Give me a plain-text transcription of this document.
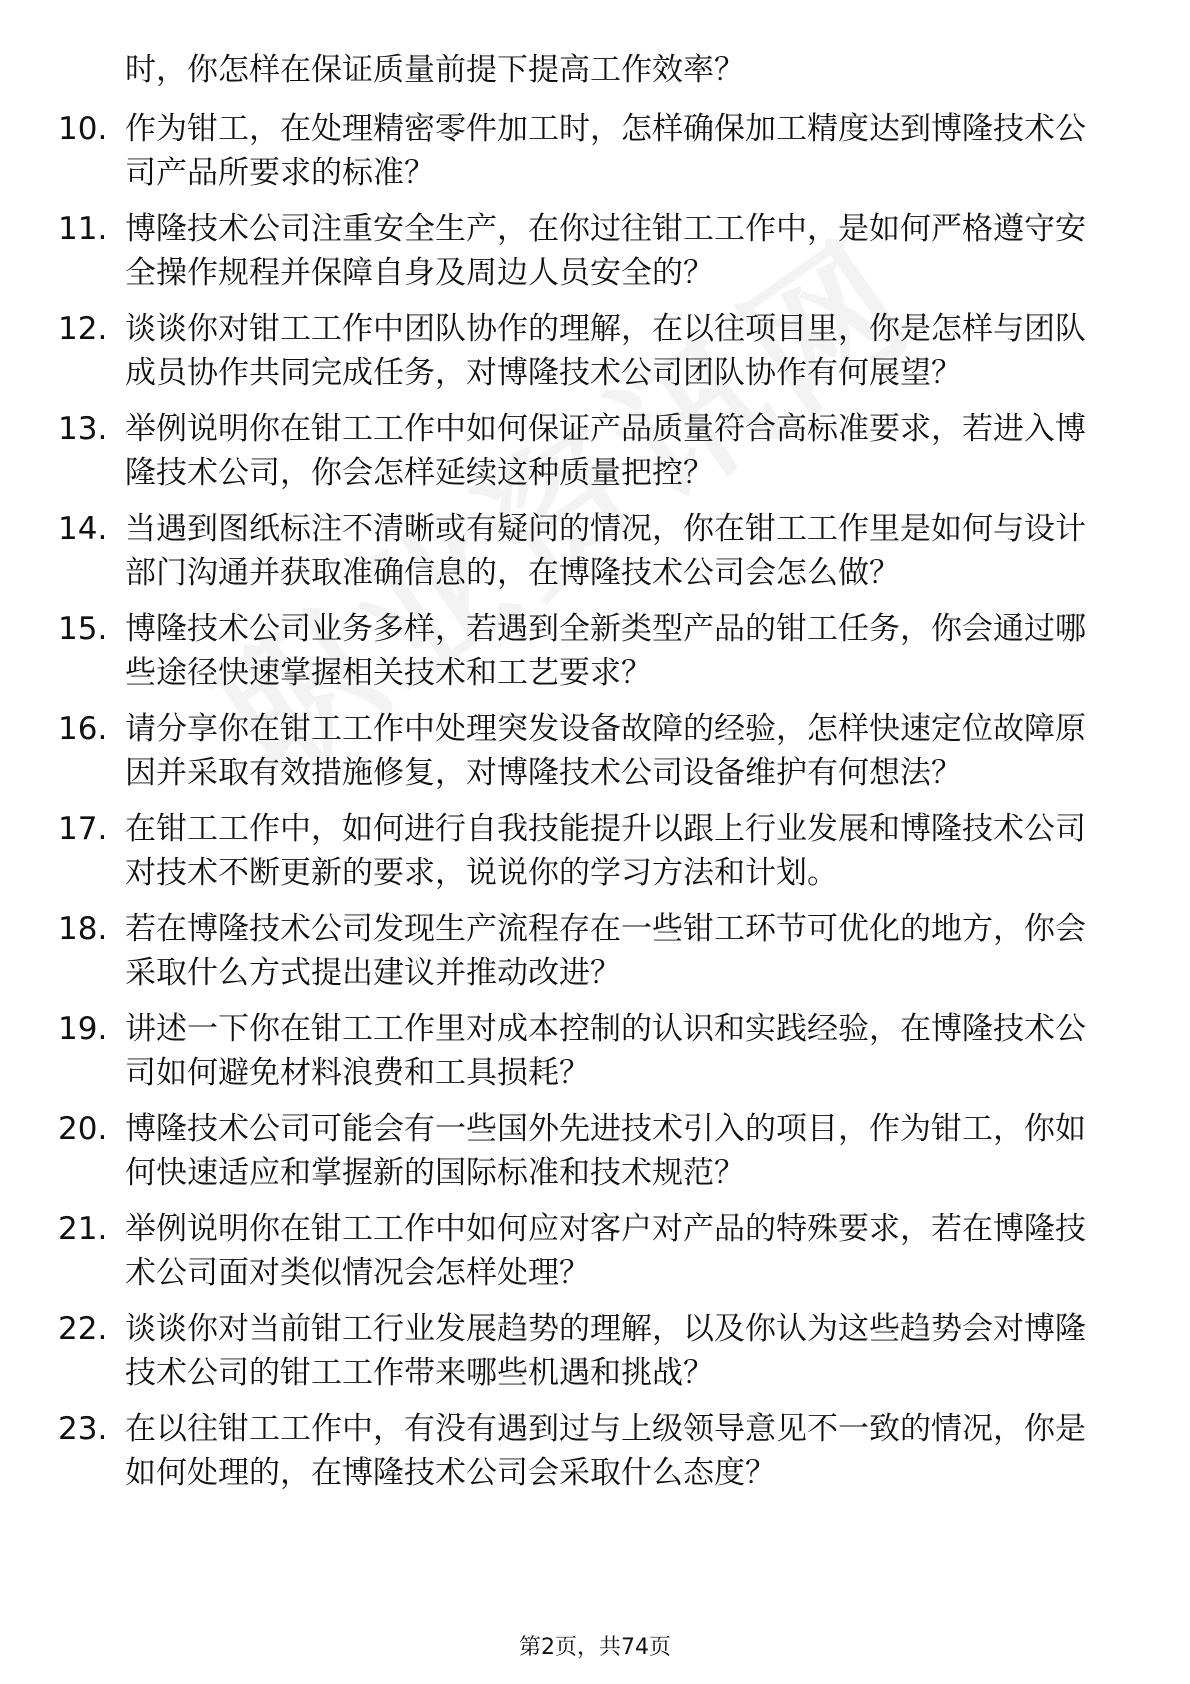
时，你怎样在保证质量前提下提高工作效率？
10. 作为钳工，在处理精密零件加工时，怎样确保加工精度达到博隆技术公司产品所要求的标准？
11. 博隆技术公司注重安全生产，在你过往钳工工作中，是如何严格遵守安全操作规程并保障自身及周边人员安全的？
12. 谈谈你对钳工工作中团队协作的理解，在以往项目里，你是怎样与团队成员协作共同完成任务，对博隆技术公司团队协作有何展望？
13. 举例说明你在钳工工作中如何保证产品质量符合高标准要求，若进入博隆技术公司，你会怎样延续这种质量把控？
14. 当遇到图纸标注不清晰或有疑问的情况，你在钳工工作里是如何与设计部门沟通并获取准确信息的，在博隆技术公司会怎么做？
15. 博隆技术公司业务多样，若遇到全新类型产品的钳工任务，你会通过哪些途径快速掌握相关技术和工艺要求？
16. 请分享你在钳工工作中处理突发设备故障的经验，怎样快速定位故障原因并采取有效措施修复，对博隆技术公司设备维护有何想法？
17. 在钳工工作中，如何进行自我技能提升以跟上行业发展和博隆技术公司对技术不断更新的要求，说说你的学习方法和计划。
18. 若在博隆技术公司发现生产流程存在一些钳工环节可优化的地方，你会采取什么方式提出建议并推动改进？
19. 讲述一下你在钳工工作里对成本控制的认识和实践经验，在博隆技术公司如何避免材料浪费和工具损耗？
20. 博隆技术公司可能会有一些国外先进技术引入的项目，作为钳工，你如何快速适应和掌握新的国际标准和技术规范？
21. 举例说明你在钳工工作中如何应对客户对产品的特殊要求，若在博隆技术公司面对类似情况会怎样处理？
22. 谈谈你对当前钳工行业发展趋势的理解，以及你认为这些趋势会对博隆技术公司的钳工工作带来哪些机遇和挑战？
23. 在以往钳工工作中，有没有遇到过与上级领导意见不一致的情况，你是如何处理的，在博隆技术公司会采取什么态度？
第2页，共74页
